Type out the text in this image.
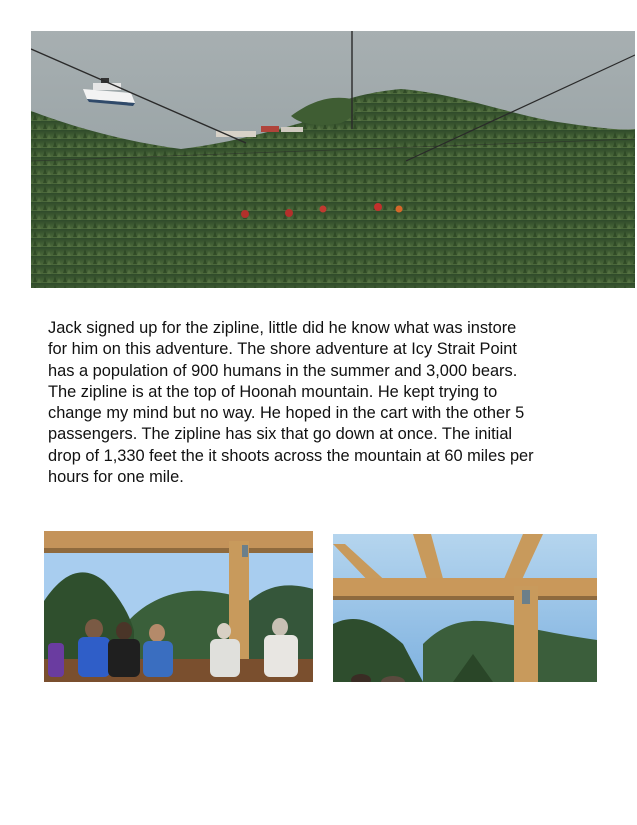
Jack signed up for the zipline, little did he know what was instore
for him on this adventure. The shore adventure at Icy Strait Point
has a population of 900 humans in the summer and 3,000 bears.
The zipline is at the top of Hoonah mountain. He kept trying to
change my mind but no way. He hoped in the cart with the other 5
passengers. The zipline has six that go down at once. The initial
drop of 1,330 feet the it shoots across the mountain at 60 miles per
hours for one mile.
